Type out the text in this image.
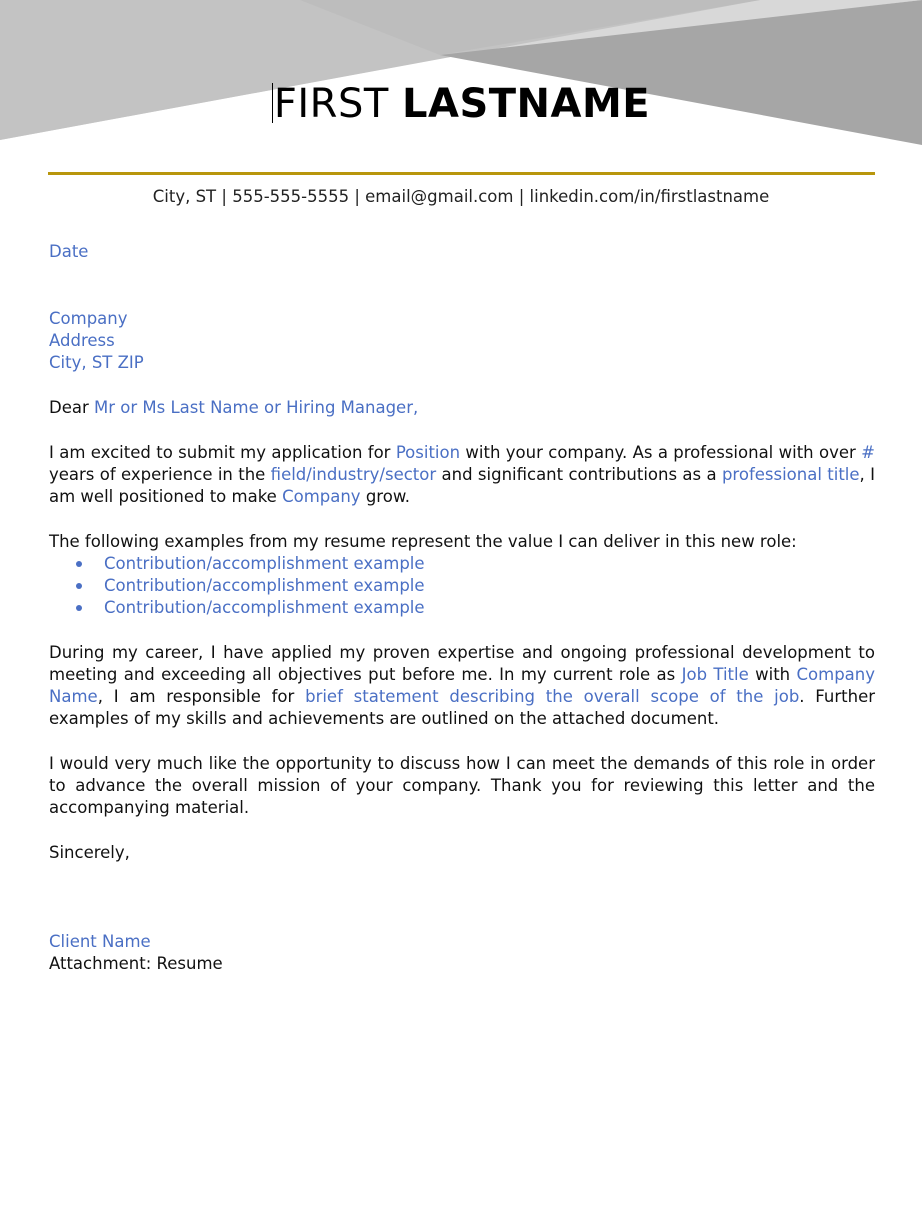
FIRST LASTNAME
City, ST | 555-555-5555 | email@gmail.com | linkedin.com/in/firstlastname
Date
Company
Address
City, ST ZIP
Dear Mr or Ms Last Name or Hiring Manager,

I am excited to submit my application for Position with your company. As a professional with over # years of experience in the field/industry/sector and significant contributions as a professional title, I am well positioned to make Company grow.

The following examples from my resume represent the value I can deliver in this new role:
Contribution/accomplishment example
Contribution/accomplishment example
Contribution/accomplishment example

During my career, I have applied my proven expertise and ongoing professional development to meeting and exceeding all objectives put before me. In my current role as Job Title with Company Name, I am responsible for brief statement describing the overall scope of the job. Further examples of my skills and achievements are outlined on the attached document.

I would very much like the opportunity to discuss how I can meet the demands of this role in order to advance the overall mission of your company. Thank you for reviewing this letter and the accompanying material.

Sincerely,
Client Name
Attachment: Resume
